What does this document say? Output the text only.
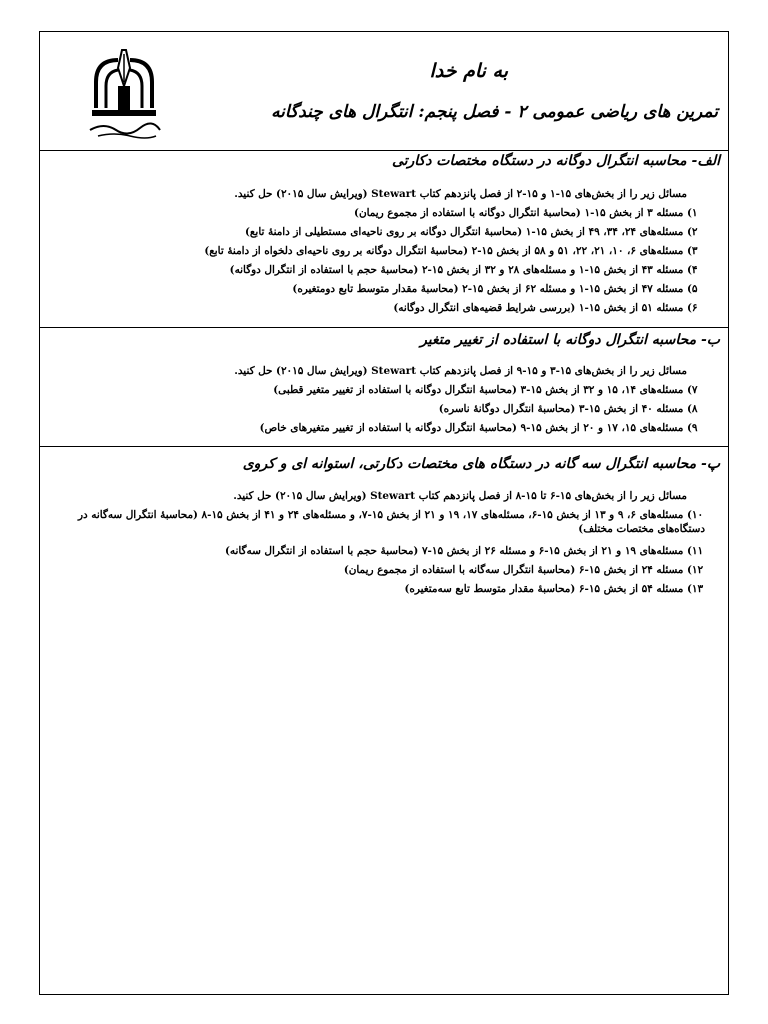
به نام خدا
تمرین های ریاضی عمومی ۲ - فصل پنجم: انتگرال های چندگانه
الف- محاسبه انتگرال دوگانه در دستگاه مختصات دکارتی
مسائل زیر را از بخش‌های ۱۵-۱ و ۱۵-۲ از فصل پانزدهم کتاب Stewart (ویرایش سال ۲۰۱۵) حل کنید.
۱) مسئله ۳ از بخش ۱۵-۱ (محاسبهٔ انتگرال دوگانه با استفاده از مجموع ریمان)
۲) مسئله‌های ۲۴، ۳۴، ۴۹ از بخش ۱۵-۱ (محاسبهٔ انتگرال دوگانه بر روی ناحیه‌ای مستطیلی از دامنهٔ تابع)
۳) مسئله‌های ۶، ۱۰، ۲۱، ۲۲، ۵۱ و ۵۸ از بخش ۱۵-۲ (محاسبهٔ انتگرال دوگانه بر روی ناحیه‌ای دلخواه از دامنهٔ تابع)
۴) مسئله ۴۳ از بخش ۱۵-۱ و مسئله‌های ۲۸ و ۳۲ از بخش ۱۵-۲ (محاسبهٔ حجم با استفاده از انتگرال دوگانه)
۵) مسئله ۴۷ از بخش ۱۵-۱ و مسئله ۶۲ از بخش ۱۵-۲ (محاسبهٔ مقدار متوسط تابع دومتغیره)
۶) مسئله ۵۱ از بخش ۱۵-۱ (بررسی شرایط قضیه‌های انتگرال دوگانه)
ب- محاسبه انتگرال دوگانه با استفاده از تغییر متغیر
مسائل زیر را از بخش‌های ۱۵-۳ و ۱۵-۹ از فصل پانزدهم کتاب Stewart (ویرایش سال ۲۰۱۵) حل کنید.
۷) مسئله‌های ۱۴، ۱۵ و ۳۲ از بخش ۱۵-۳ (محاسبهٔ انتگرال دوگانه با استفاده از تغییر متغیر قطبی)
۸) مسئله ۴۰ از بخش ۱۵-۳ (محاسبهٔ انتگرال دوگانهٔ ناسره)
۹) مسئله‌های ۱۵، ۱۷ و ۲۰ از بخش ۱۵-۹ (محاسبهٔ انتگرال دوگانه با استفاده از تغییر متغیرهای خاص)
پ- محاسبه انتگرال سه گانه در دستگاه های مختصات دکارتی، استوانه ای و کروی
مسائل زیر را از بخش‌های ۱۵-۶ تا ۱۵-۸ از فصل پانزدهم کتاب Stewart (ویرایش سال ۲۰۱۵) حل کنید.
۱۰) مسئله‌های ۶، ۹ و ۱۳ از بخش ۱۵-۶، مسئله‌های ۱۷، ۱۹ و ۲۱ از بخش ۱۵-۷، و مسئله‌های ۲۴ و ۴۱ از بخش ۱۵-۸ (محاسبهٔ انتگرال سه‌گانه در دستگاه‌های مختصات مختلف)
۱۱) مسئله‌های ۱۹ و ۲۱ از بخش ۱۵-۶ و مسئله ۲۶ از بخش ۱۵-۷ (محاسبهٔ حجم با استفاده از انتگرال سه‌گانه)
۱۲) مسئله ۲۴ از بخش ۱۵-۶ (محاسبهٔ انتگرال سه‌گانه با استفاده از مجموع ریمان)
۱۳) مسئله ۵۴ از بخش ۱۵-۶ (محاسبهٔ مقدار متوسط تابع سه‌متغیره)
